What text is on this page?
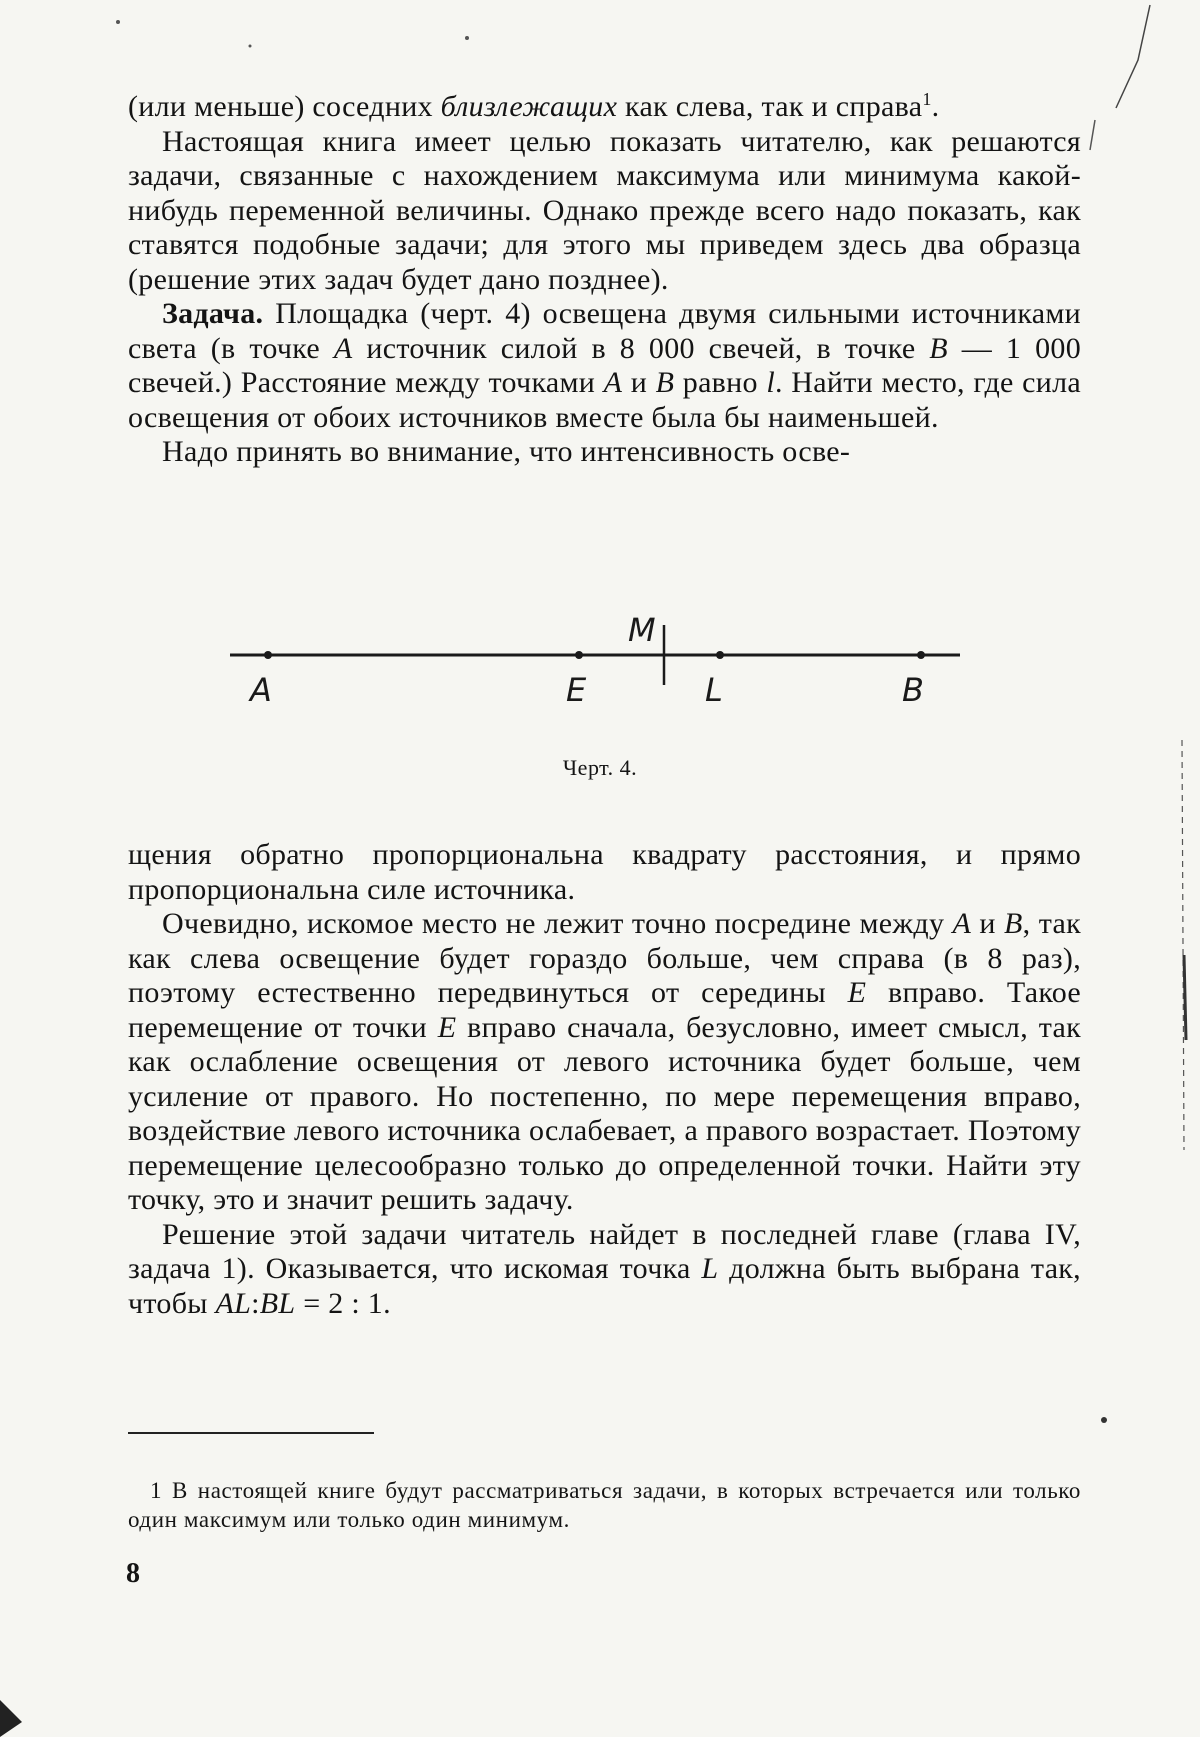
(или меньше) соседних близлежащих как слева, так и справа$^1$.

Настоящая книга имеет целью показать читателю, как решаются задачи, связанные с нахождением максимума или минимума какой-нибудь переменной величины. Однако прежде всего надо показать, как ставятся подобные задачи; для этого мы приведем здесь два образца (решение этих задач будет дано позднее).

Задача. Площадка (черт. 4) освещена двумя сильными источниками света (в точке A источник силой в 8 000 свечей, в точке B — 1 000 свечей.) Расстояние между точками A и B равно l. Найти место, где сила освещения от обоих источников вместе была бы наименьшей.

Надо принять во внимание, что интенсивность осве-

A	E
M
L	B
Черт. 4.

щения обратно пропорциональна квадрату расстояния, и прямо пропорциональна силе источника.

Очевидно, искомое место не лежит точно посредине между A и B, так как слева освещение будет гораздо больше, чем справа (в 8 раз), поэтому естественно передвинуться от середины E вправо. Такое перемещение от точки E вправо сначала, безусловно, имеет смысл, так как ослабление освещения от левого источника будет больше, чем усиление от правого. Но постепенно, по мере перемещения вправо, воздействие левого источника ослабевает, а правого возрастает. Поэтому перемещение целесообразно только до определенной точки. Найти эту точку, это и значит решить задачу.

Решение этой задачи читатель найдет в последней главе (глава IV, задача 1). Оказывается, что искомая точка L должна быть выбрана так, чтобы AL:BL = 2 : 1.

1 В настоящей книге будут рассматриваться задачи, в которых встречается или только один максимум или только один минимум.

8
